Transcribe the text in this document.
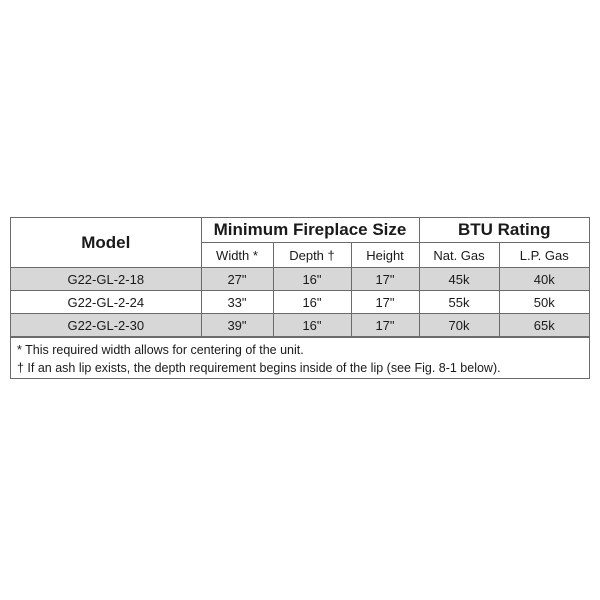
Model	Minimum Fireplace Size			BTU Rating	
	Width *	Depth †	Height	Nat. Gas	L.P. Gas
G22-GL-2-18	27"	16"	17"	45k	40k
G22-GL-2-24	33"	16"	17"	55k	50k
G22-GL-2-30	39"	16"	17"	70k	65k
* This required width allows for centering of the unit.
† If an ash lip exists, the depth requirement begins inside of the lip (see Fig. 8-1 below).
